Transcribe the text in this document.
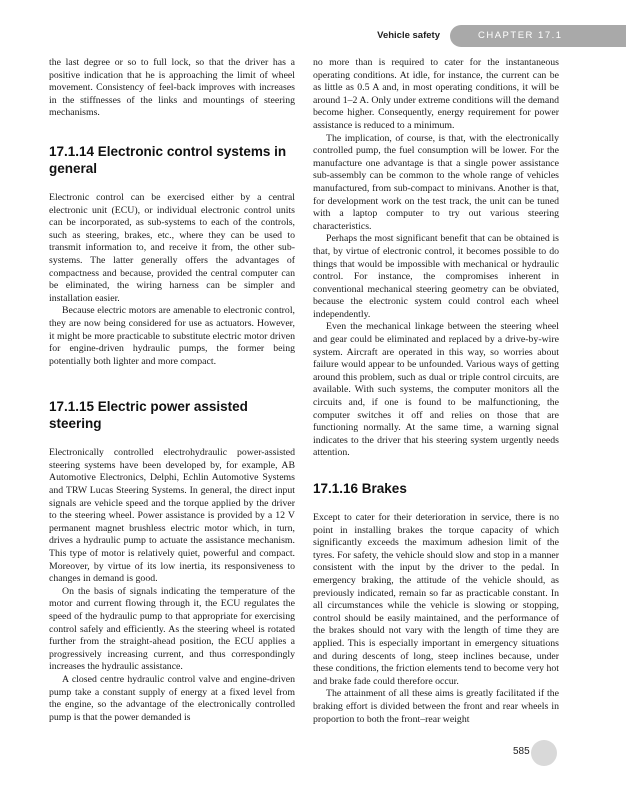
Vehicle safety	CHAPTER 17.1

the last degree or so to full lock, so that the driver has a positive indication that he is approaching the limit of wheel movement. Consistency of feel-back improves with increases in the stiffnesses of the links and mountings of steering mechanisms.

17.1.14 Electronic control systems in general

Electronic control can be exercised either by a central electronic unit (ECU), or individual electronic control units can be incorporated, as sub-systems to each of the controls, such as steering, brakes, etc., where they can be used to transmit information to, and receive it from, the other sub-systems. The latter generally offers the advantages of compactness and because, provided the central computer can be eliminated, the wiring harness can be simpler and installation easier.

Because electric motors are amenable to electronic control, they are now being considered for use as actuators. However, it might be more practicable to substitute electric motor driven for engine-driven hydraulic pumps, the former being potentially both lighter and more compact.

17.1.15 Electric power assisted steering

Electronically controlled electrohydraulic power-assisted steering systems have been developed by, for example, AB Automotive Electronics, Delphi, Echlin Automotive Systems and TRW Lucas Steering Systems. In general, the direct input signals are vehicle speed and the torque applied by the driver to the steering wheel. Power assistance is provided by a 12 V permanent magnet brushless electric motor which, in turn, drives a hydraulic pump to actuate the assistance mechanism. This type of motor is relatively quiet, powerful and compact. Moreover, by virtue of its low inertia, its responsiveness to changes in demand is good.

On the basis of signals indicating the temperature of the motor and current flowing through it, the ECU regulates the speed of the hydraulic pump to that appropriate for exercising control safely and efficiently. As the steering wheel is rotated further from the straight-ahead position, the ECU applies a progressively increasing current, and thus correspondingly increases the hydraulic assistance.

A closed centre hydraulic control valve and engine-driven pump take a constant supply of energy at a fixed level from the engine, so the advantage of the electronically controlled pump is that the power demanded is

no more than is required to cater for the instantaneous operating conditions. At idle, for instance, the current can be as little as 0.5 A and, in most operating conditions, it will be around 1–2 A. Only under extreme conditions will the demand become higher. Consequently, energy requirement for power assistance is reduced to a minimum.

The implication, of course, is that, with the electronically controlled pump, the fuel consumption will be lower. For the manufacture one advantage is that a single power assistance sub-assembly can be common to the whole range of vehicles manufactured, from sub-compact to minivans. Another is that, for development work on the test track, the unit can be tuned with a laptop computer to try out various steering characteristics.

Perhaps the most significant benefit that can be obtained is that, by virtue of electronic control, it becomes possible to do things that would be impossible with mechanical or hydraulic control. For instance, the compromises inherent in conventional mechanical steering geometry can be obviated, because the electronic system could control each wheel independently.

Even the mechanical linkage between the steering wheel and gear could be eliminated and replaced by a drive-by-wire system. Aircraft are operated in this way, so worries about failure would appear to be unfounded. Various ways of getting around this problem, such as dual or triple control circuits, are available. With such systems, the computer monitors all the circuits and, if one is found to be malfunctioning, the computer switches it off and relies on those that are functioning normally. At the same time, a warning signal indicates to the driver that his steering system urgently needs attention.

17.1.16 Brakes

Except to cater for their deterioration in service, there is no point in installing brakes the torque capacity of which significantly exceeds the maximum adhesion limit of the tyres. For safety, the vehicle should slow and stop in a manner consistent with the input by the driver to the pedal. In emergency braking, the attitude of the vehicle should, as previously indicated, remain so far as practicable constant. In all circumstances while the vehicle is slowing or stopping, control should be easily maintained, and the performance of the brakes should not vary with the length of time they are applied. This is especially important in emergency situations and during descents of long, steep inclines because, under these conditions, the friction elements tend to become very hot and brake fade could therefore occur.

The attainment of all these aims is greatly facilitated if the braking effort is divided between the front and rear wheels in proportion to both the front–rear weight

585
